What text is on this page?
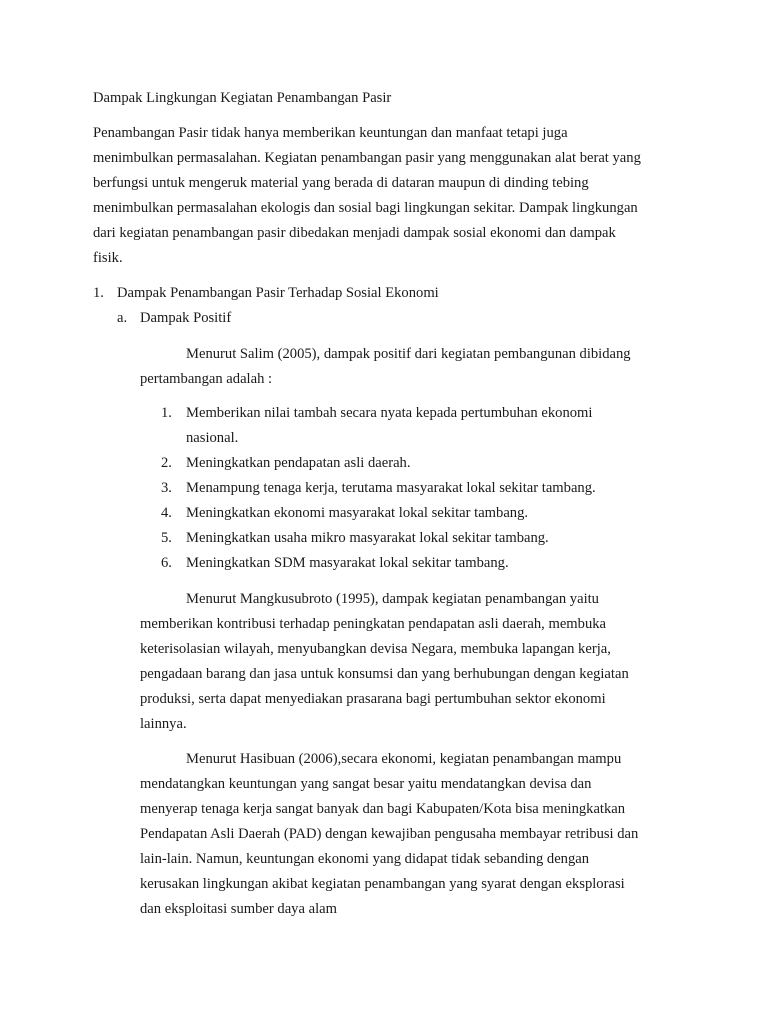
Dampak Lingkungan Kegiatan Penambangan Pasir
Penambangan Pasir tidak hanya memberikan keuntungan dan manfaat tetapi juga
menimbulkan permasalahan. Kegiatan penambangan pasir yang menggunakan alat berat yang
berfungsi untuk mengeruk material yang berada di dataran maupun di dinding tebing
menimbulkan permasalahan ekologis dan sosial bagi lingkungan sekitar. Dampak lingkungan
dari kegiatan penambangan pasir dibedakan menjadi dampak sosial ekonomi dan dampak
fisik.
1. Dampak Penambangan Pasir Terhadap Sosial Ekonomi
a. Dampak Positif
Menurut Salim (2005), dampak positif dari kegiatan pembangunan dibidang
pertambangan adalah :
1. Memberikan nilai tambah secara nyata kepada pertumbuhan ekonomi
nasional.
2. Meningkatkan pendapatan asli daerah.
3. Menampung tenaga kerja, terutama masyarakat lokal sekitar tambang.
4. Meningkatkan ekonomi masyarakat lokal sekitar tambang.
5. Meningkatkan usaha mikro masyarakat lokal sekitar tambang.
6. Meningkatkan SDM masyarakat lokal sekitar tambang.
Menurut Mangkusubroto (1995), dampak kegiatan penambangan yaitu
memberikan kontribusi terhadap peningkatan pendapatan asli daerah, membuka
keterisolasian wilayah, menyubangkan devisa Negara, membuka lapangan kerja,
pengadaan barang dan jasa untuk konsumsi dan yang berhubungan dengan kegiatan
produksi, serta dapat menyediakan prasarana bagi pertumbuhan sektor ekonomi
lainnya.
Menurut Hasibuan (2006),secara ekonomi, kegiatan penambangan mampu
mendatangkan keuntungan yang sangat besar yaitu mendatangkan devisa dan
menyerap tenaga kerja sangat banyak dan bagi Kabupaten/Kota bisa meningkatkan
Pendapatan Asli Daerah (PAD) dengan kewajiban pengusaha membayar retribusi dan
lain-lain. Namun, keuntungan ekonomi yang didapat tidak sebanding dengan
kerusakan lingkungan akibat kegiatan penambangan yang syarat dengan eksplorasi
dan eksploitasi sumber daya alam
